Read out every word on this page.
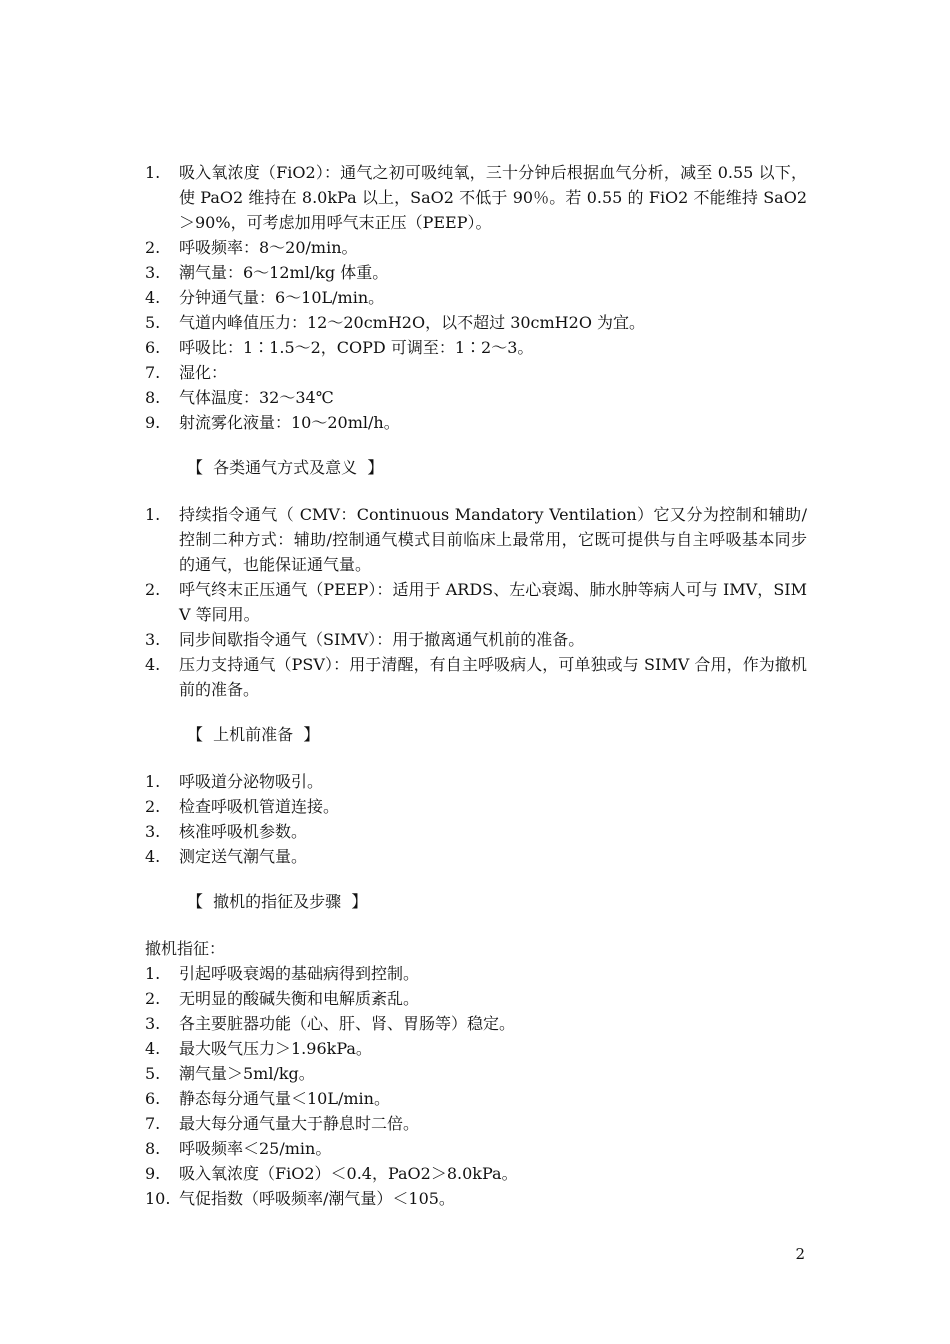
1.	吸入氧浓度（FiO2）：通气之初可吸纯氧，三十分钟后根据血气分析，减至 0.55 以下，使 PaO2 维持在 8.0kPa 以上，SaO2 不低于 90％。若 0.55 的 FiO2 不能维持 SaO2＞90%，可考虑加用呼气末正压（PEEP）。
2.	呼吸频率：8～20/min。
3.	潮气量：6～12ml/kg 体重。
4.	分钟通气量：6～10L/min。
5.	气道内峰值压力：12～20cmH2O，以不超过 30cmH2O 为宜。
6.	呼吸比：1∶1.5～2，COPD 可调至：1∶2～3。
7.	湿化：
8.	气体温度：32～34℃
9.	射流雾化液量：10～20ml/h。
【  各类通气方式及意义  】
1.	持续指令通气（ CMV：Continuous Mandatory Ventilation）它又分为控制和辅助/控制二种方式：辅助/控制通气模式目前临床上最常用，它既可提供与自主呼吸基本同步的通气，也能保证通气量。
2.	呼气终末正压通气（PEEP）：适用于 ARDS、左心衰竭、肺水肿等病人可与 IMV，SIMV 等同用。
3.	同步间歇指令通气（SIMV）：用于撤离通气机前的准备。
4.	压力支持通气（PSV）：用于清醒，有自主呼吸病人，可单独或与 SIMV 合用，作为撤机前的准备。
【  上机前准备  】
1.	呼吸道分泌物吸引。
2.	检查呼吸机管道连接。
3.	核准呼吸机参数。
4.	测定送气潮气量。
【  撤机的指征及步骤  】
撤机指征：
1.	引起呼吸衰竭的基础病得到控制。
2.	无明显的酸碱失衡和电解质紊乱。
3.	各主要脏器功能（心、肝、肾、胃肠等）稳定。
4.	最大吸气压力＞1.96kPa。
5.	潮气量＞5ml/kg。
6.	静态每分通气量＜10L/min。
7.	最大每分通气量大于静息时二倍。
8.	呼吸频率＜25/min。
9.	吸入氧浓度（FiO2）＜0.4，PaO2＞8.0kPa。
10. 气促指数（呼吸频率/潮气量）＜105。
2
